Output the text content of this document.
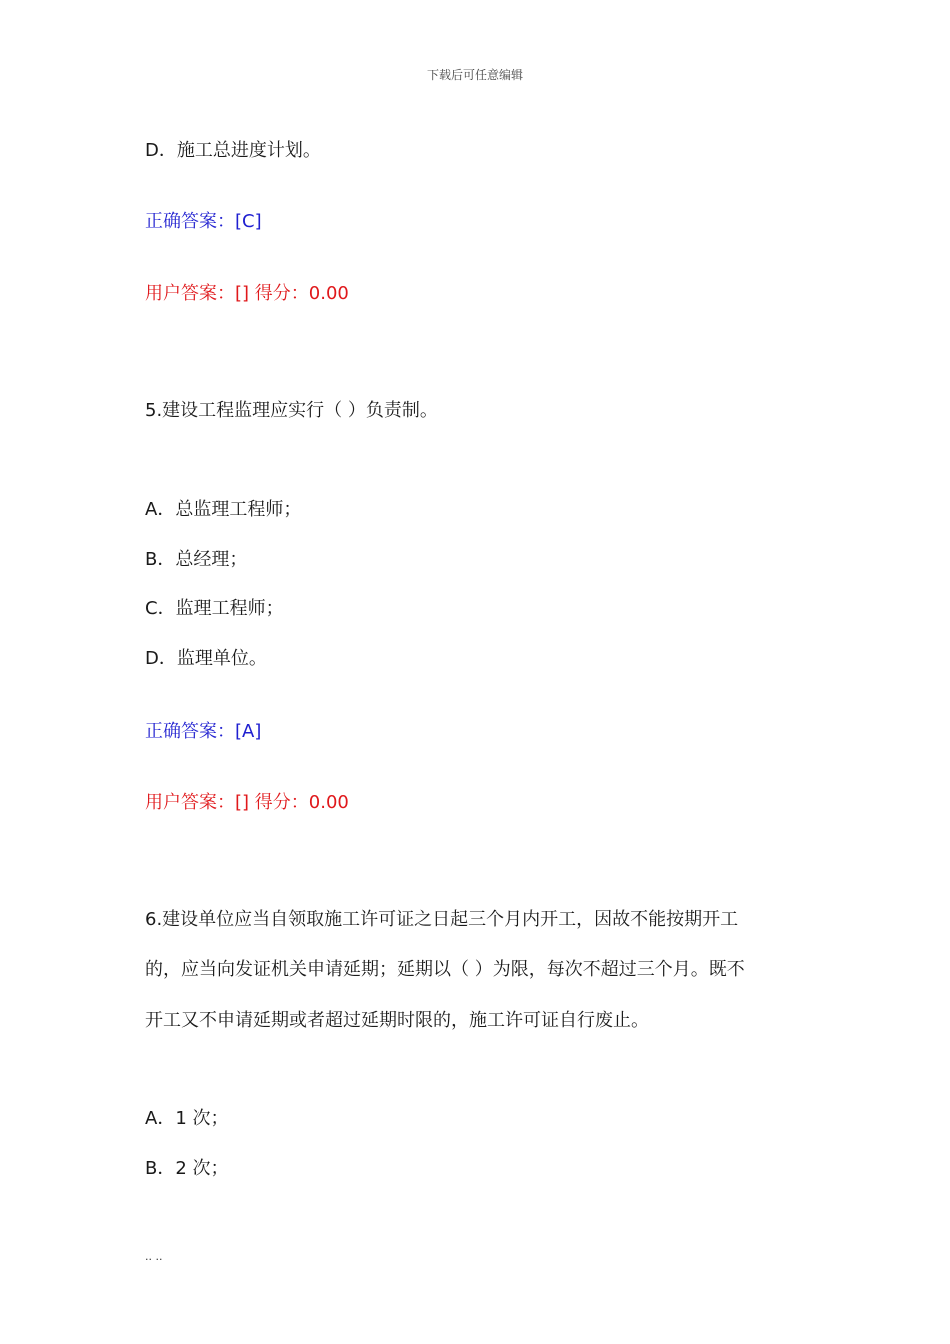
下载后可任意编辑
D．施工总进度计划。
正确答案：[C]
用户答案：[] 得分：0.00
5.建设工程监理应实行（ ）负责制。
A．总监理工程师；
B．总经理；
C．监理工程师；
D．监理单位。
正确答案：[A]
用户答案：[] 得分：0.00
6.建设单位应当自领取施工许可证之日起三个月内开工，因故不能按期开工
的，应当向发证机关申请延期；延期以（ ）为限，每次不超过三个月。既不
开工又不申请延期或者超过延期时限的，施工许可证自行废止。
A．1 次；
B．2 次；
.. ..
